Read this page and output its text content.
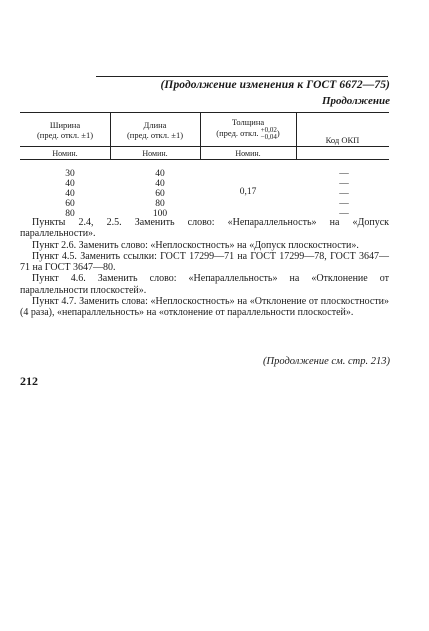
(Продолжение изменения к ГОСТ 6672—75)
Продолжение
Ширина
(пред. откл. ±1)
Длина
(пред. откл. ±1)
Толщина
(пред. откл. +0,02
−0,04 )
Код ОКП
Номин.	Номин.	Номин.
30
40
40
60
80
40
40
60
80
100
0,17
—
—
—
—
—

Пункты 2.4, 2.5. Заменить слово: «Непараллельность» на «Допуск параллельности».

Пункт 2.6. Заменить слово: «Неплоскостность» на «Допуск плоскостности».

Пункт 4.5. Заменить ссылки: ГОСТ 17299—71 на ГОСТ 17299—78, ГОСТ 3647—71 на ГОСТ 3647—80.

Пункт 4.6. Заменить слово: «Непараллельность» на «Отклонение от параллельности плоскостей».

Пункт 4.7. Заменить слова: «Неплоскостность» на «Отклонение от плоскостности» (4 раза), «непараллельность» на «отклонение от параллельности плоскостей».

(Продолжение см. стр. 213)
212
